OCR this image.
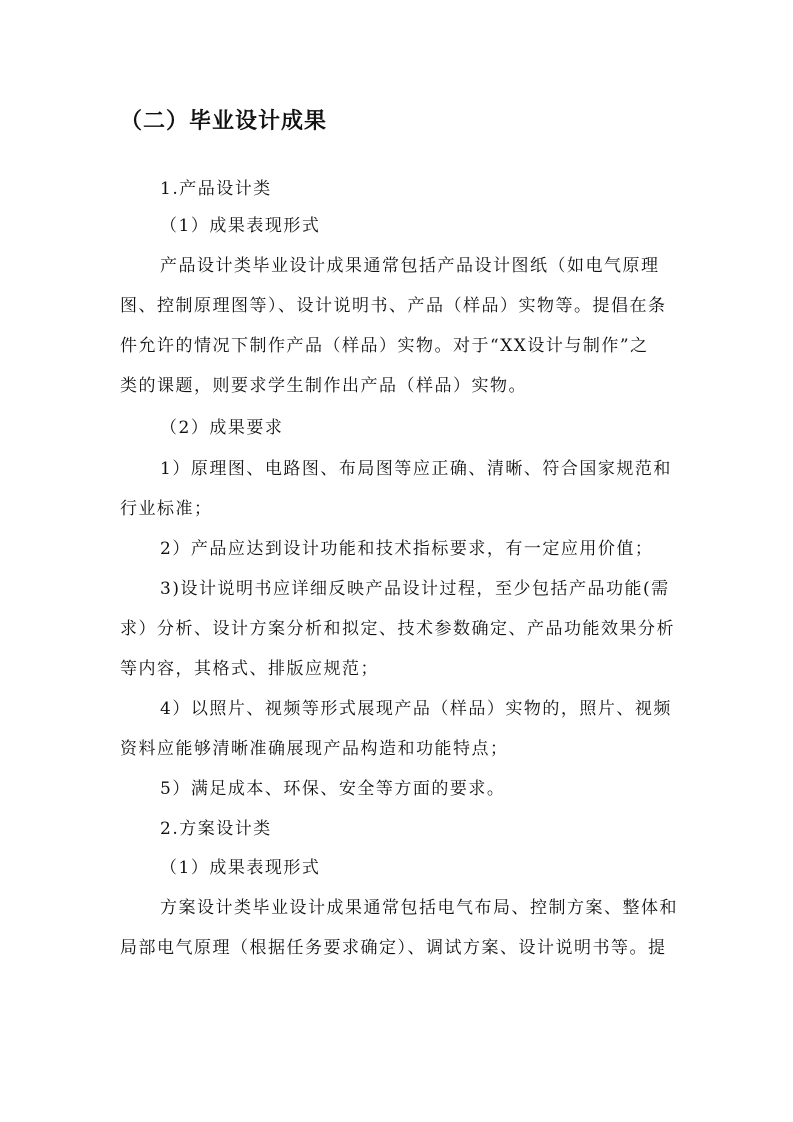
（二）毕业设计成果
1.产品设计类
（1）成果表现形式
产品设计类毕业设计成果通常包括产品设计图纸（如电气原理
图、控制原理图等）、设计说明书、产品（样品）实物等。提倡在条
件允许的情况下制作产品（样品）实物。对于“XX设计与制作”之
类的课题，则要求学生制作出产品（样品）实物。
（2）成果要求
1）原理图、电路图、布局图等应正确、清晰、符合国家规范和
行业标准；
2）产品应达到设计功能和技术指标要求，有一定应用价值；
3)设计说明书应详细反映产品设计过程，至少包括产品功能(需
求）分析、设计方案分析和拟定、技术参数确定、产品功能效果分析
等内容，其格式、排版应规范；
4）以照片、视频等形式展现产品（样品）实物的，照片、视频
资料应能够清晰准确展现产品构造和功能特点；
5）满足成本、环保、安全等方面的要求。
2.方案设计类
（1）成果表现形式
方案设计类毕业设计成果通常包括电气布局、控制方案、整体和
局部电气原理（根据任务要求确定）、调试方案、设计说明书等。提
